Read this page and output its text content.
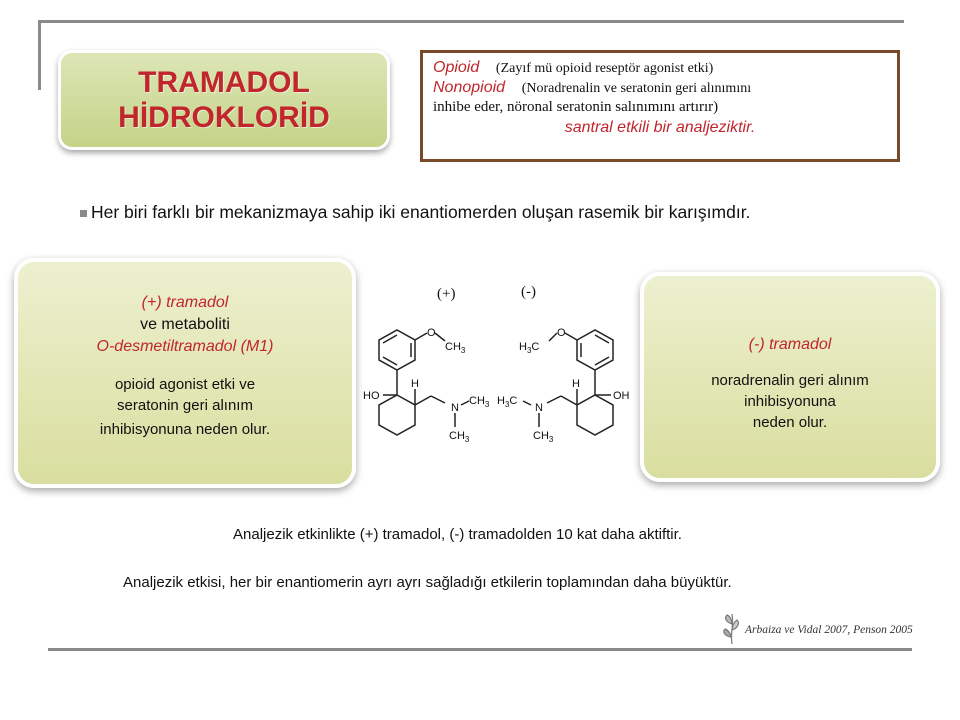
TRAMADOL
HİDROKLORİD
Opioid (Zayıf mü opioid reseptör agonist etki)
Nonopioid (Noradrenalin ve seratonin geri alınımını
inhibe eder, nöronal seratonin salınımını artırır)
santral etkili bir analjeziktir.
Her biri farklı bir mekanizmaya sahip iki enantiomerden oluşan rasemik bir karışımdır.
(+) tramadol
ve metaboliti
O-desmetiltramadol (M1)
opioid agonist etki ve
seratonin geri alınım
inhibisyonuna neden olur.
(-) tramadol
noradrenalin geri alınım
inhibisyonuna
neden olur.
(+)	(-)
O
$CH_3$
HO
H
N
$CH_3$
$CH_3$
$H_3C$
O
OH
H
N
$H_3C$
$CH_3$
Analjezik etkinlikte (+) tramadol, (-) tramadolden 10 kat daha aktiftir.
Analjezik etkisi, her bir enantiomerin ayrı ayrı sağladığı etkilerin toplamından daha büyüktür.
Arbaiza ve Vidal 2007, Penson 2005
